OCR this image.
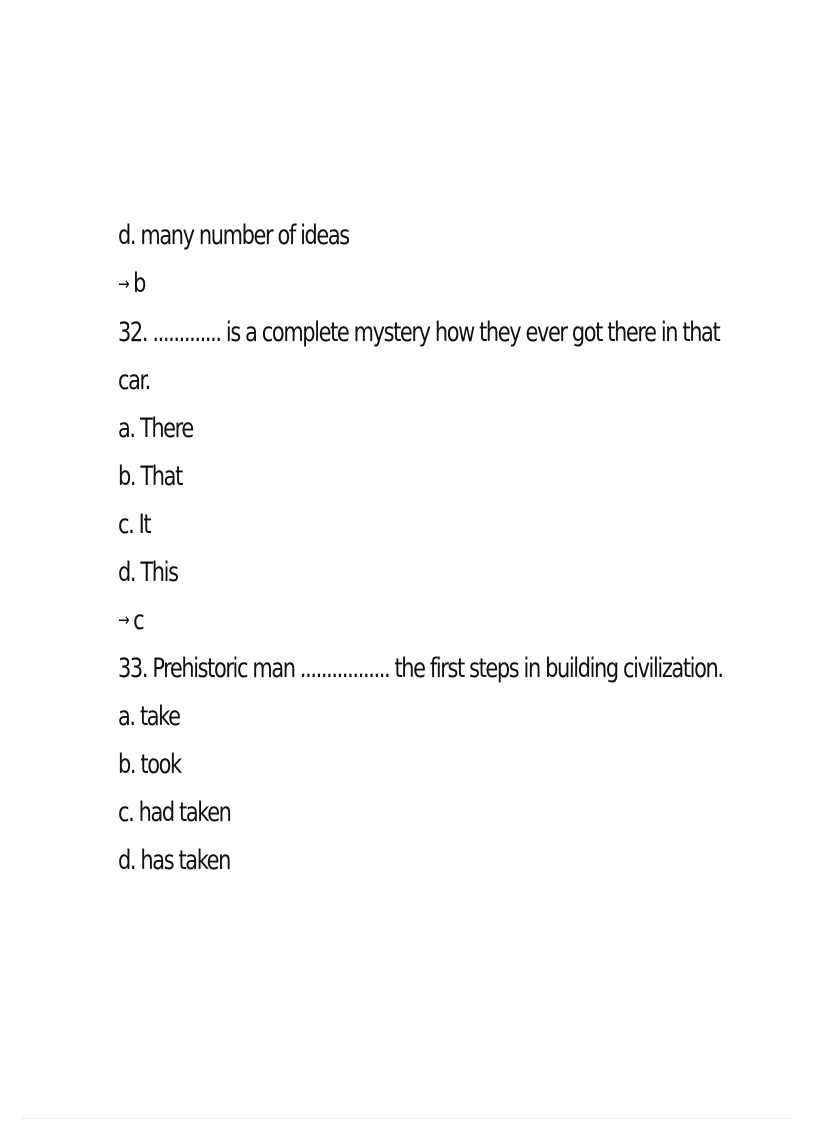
d. many number of ideas
→ b
32. ............. is a complete mystery how they ever got there in that
car.
a. There
b. That
c. It
d. This
→ c
33. Prehistoric man ................. the first steps in building civilization.
a. take
b. took
c. had taken
d. has taken
